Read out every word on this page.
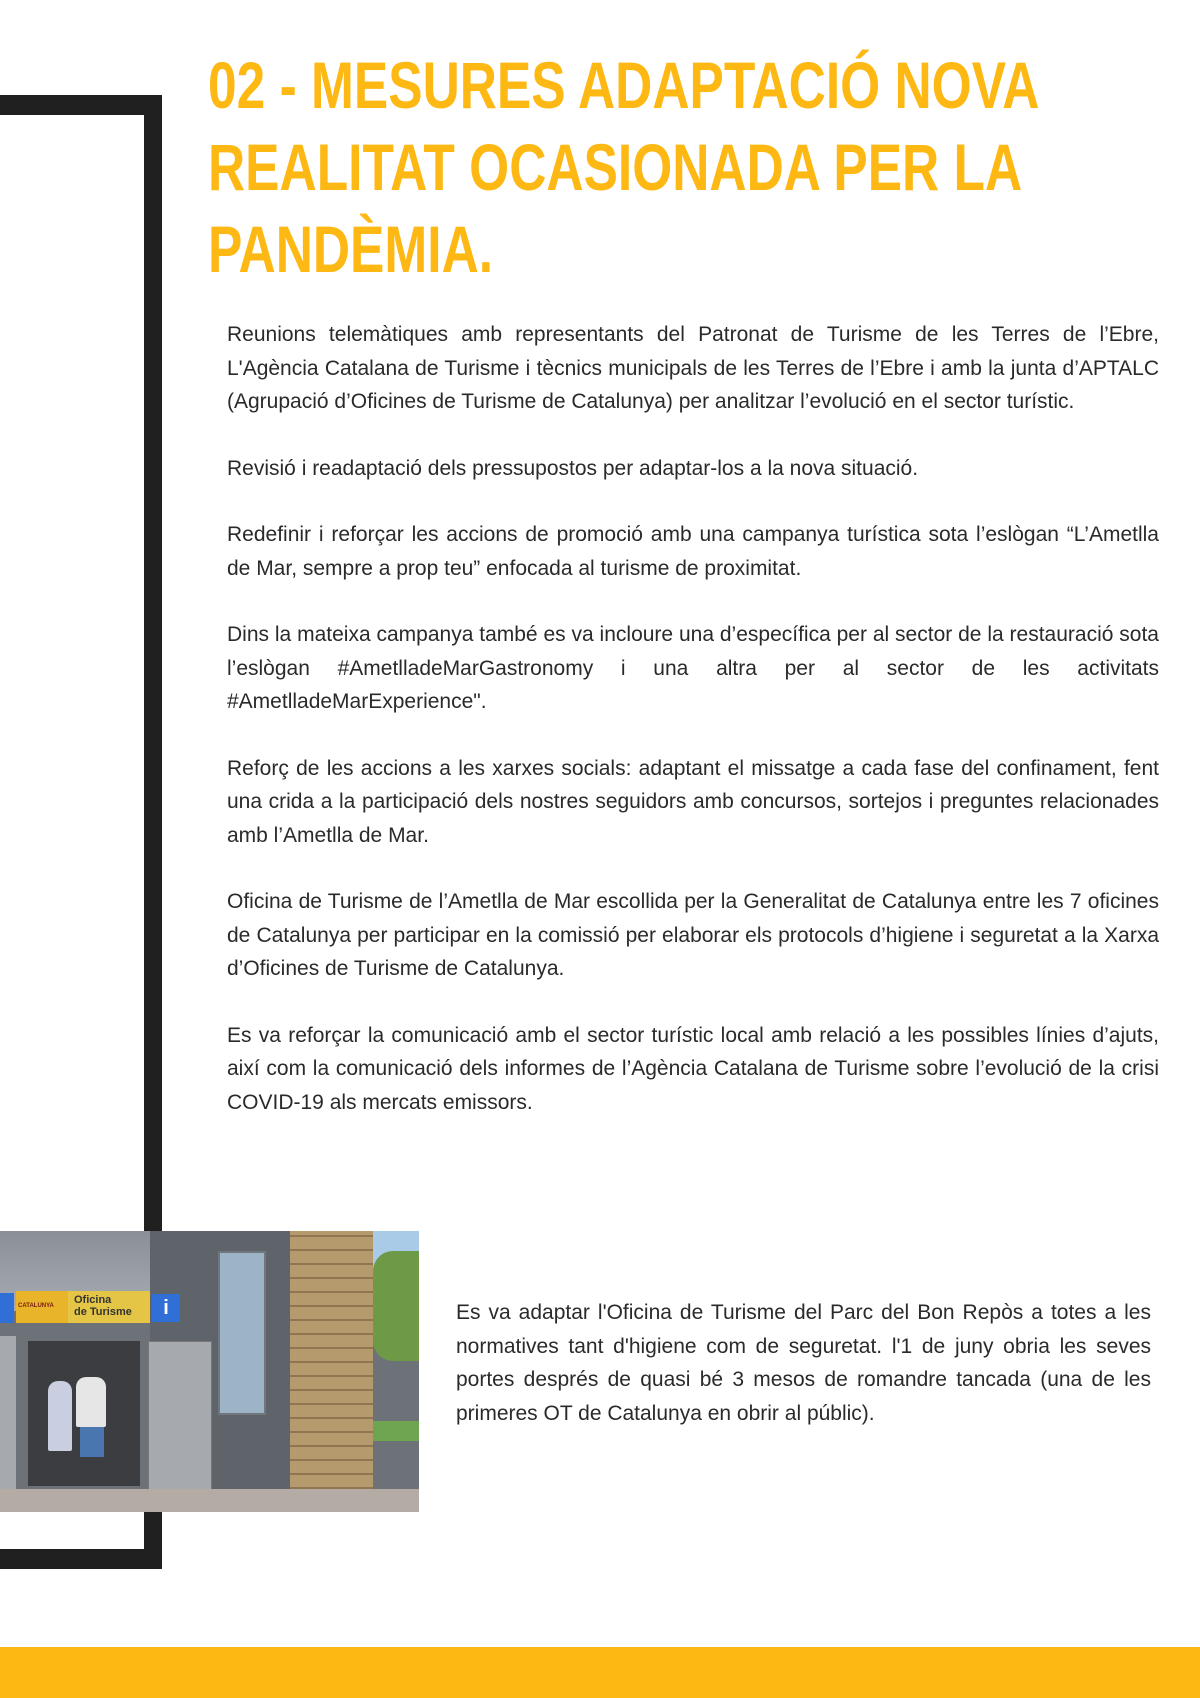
02 - MESURES ADAPTACIÓ NOVA
REALITAT OCASIONADA PER LA
PANDÈMIA.

Reunions telemàtiques amb representants del Patronat de Turisme de les Terres de l’Ebre, L'Agència Catalana de Turisme i tècnics municipals de les Terres de l’Ebre i amb la junta d’APTALC (Agrupació d’Oficines de Turisme de Catalunya) per analitzar l’evolució en el sector turístic.

Revisió i readaptació dels pressupostos per adaptar-los a la nova situació.

Redefinir i reforçar les accions de promoció amb una campanya turística sota l’eslògan “L’Ametlla de Mar, sempre a prop teu” enfocada al turisme de proximitat.

Dins la mateixa campanya també es va incloure una d’específica per al sector de la restauració sota l’eslògan #AmetlladeMarGastronomy i una altra per al sector de les activitats #AmetlladeMarExperience".

Reforç de les accions a les xarxes socials: adaptant el missatge a cada fase del confinament, fent una crida a la participació dels nostres seguidors amb concursos, sortejos i preguntes relacionades amb l’Ametlla de Mar.

Oficina de Turisme de l’Ametlla de Mar escollida per la Generalitat de Catalunya entre les 7 oficines de Catalunya per participar en la comissió per elaborar els protocols d’higiene i seguretat a la Xarxa d’Oficines de Turisme de Catalunya.

Es va reforçar la comunicació amb el sector turístic local amb relació a les possibles línies d’ajuts, així com la comunicació dels informes de l’Agència Catalana de Turisme sobre l’evolució de la crisi COVID-19 als mercats emissors.

CATALUNYA Oficina
de Turisme	i	Es va adaptar l'Oficina de Turisme del Parc del Bon Repòs a totes a les normatives tant d'higiene com de seguretat. l'1 de juny obria les seves portes després de quasi bé 3 mesos de romandre tancada (una de les primeres OT de Catalunya en obrir al públic).
